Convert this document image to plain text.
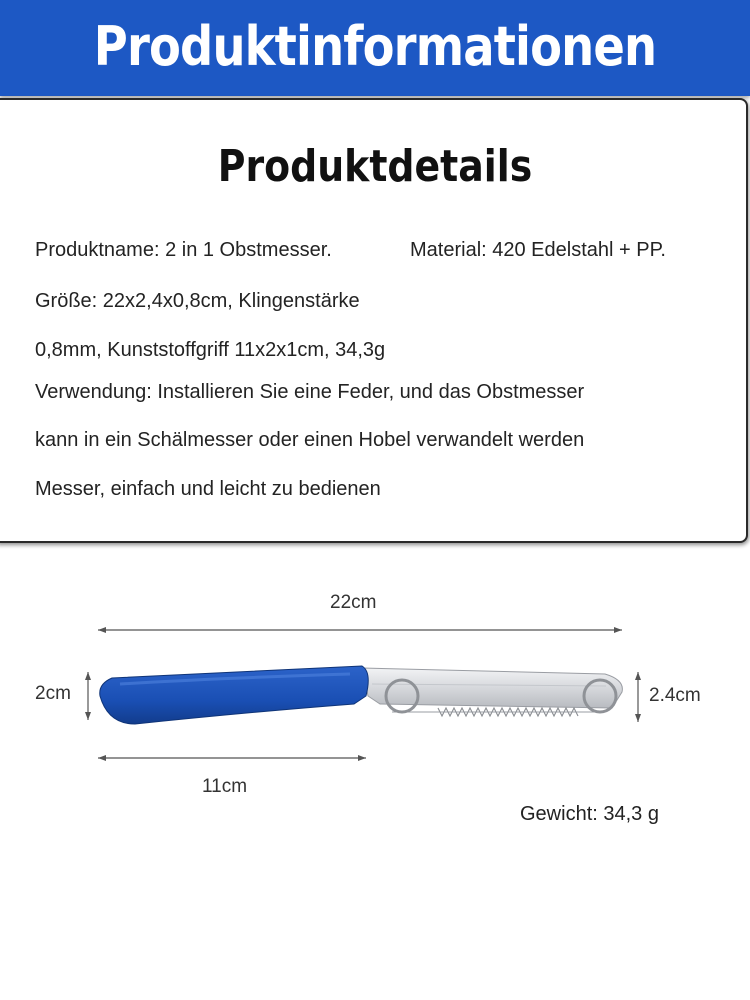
Produktinformationen
Produktdetails
Produktname: 2 in 1 Obstmesser.	Material: 420 Edelstahl + PP.
Größe: 22x2,4x0,8cm, Klingenstärke
0,8mm, Kunststoffgriff 11x2x1cm, 34,3g
Verwendung: Installieren Sie eine Feder, und das Obstmesser
kann in ein Schälmesser oder einen Hobel verwandelt werden
Messer, einfach und leicht zu bedienen
22cm
2cm	2.4cm
11cm
Gewicht: 34,3 g
